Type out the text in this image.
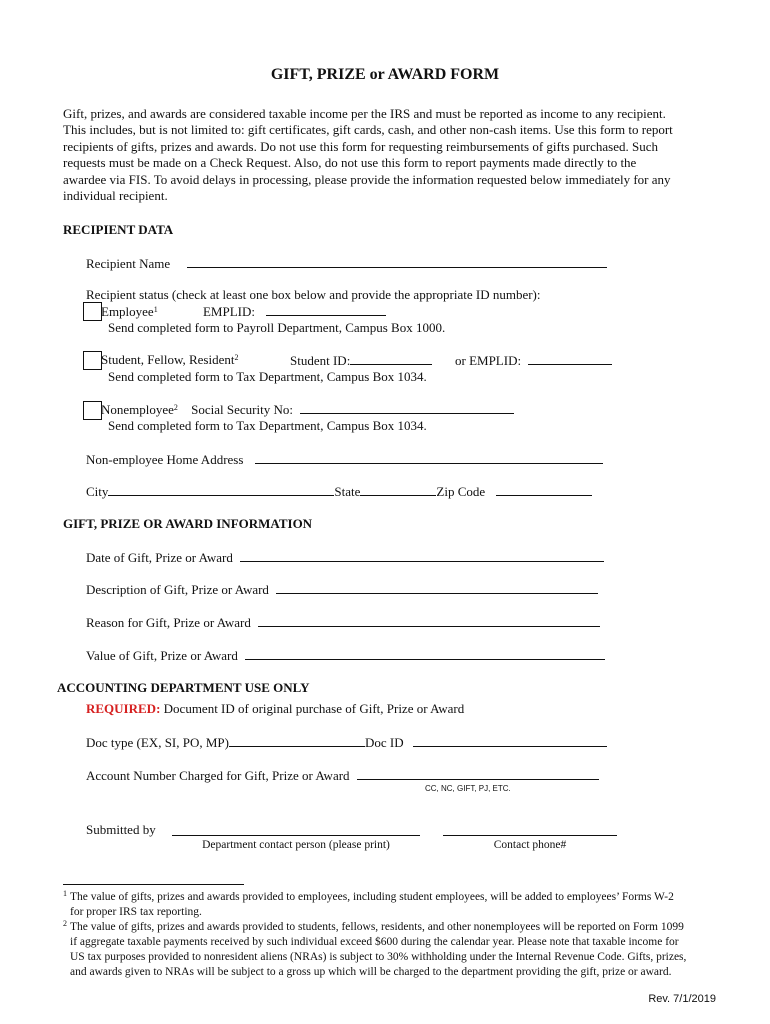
GIFT, PRIZE or AWARD FORM
Gift, prizes, and awards are considered taxable income per the IRS and must be reported as income to any recipient. This includes, but is not limited to: gift certificates, gift cards, cash, and other non-cash items. Use this form to report recipients of gifts, prizes and awards. Do not use this form for requesting reimbursements of gifts purchased. Such requests must be made on a Check Request. Also, do not use this form to report payments made directly to the awardee via FIS. To avoid delays in processing, please provide the information requested below immediately for any individual recipient.
RECIPIENT DATA
Recipient Name
Recipient status (check at least one box below and provide the appropriate ID number):
Employee$^1$	EMPLID:
Send completed form to Payroll Department, Campus Box 1000.
Student, Fellow, Resident$^2$	Student ID:	or EMPLID:
Send completed form to Tax Department, Campus Box 1034.
Nonemployee$^2$ Social Security No:
Send completed form to Tax Department, Campus Box 1034.
Non-employee Home Address
City	State	Zip Code
GIFT, PRIZE OR AWARD INFORMATION
Date of Gift, Prize or Award
Description of Gift, Prize or Award
Reason for Gift, Prize or Award
Value of Gift, Prize or Award
ACCOUNTING DEPARTMENT USE ONLY
REQUIRED: Document ID of original purchase of Gift, Prize or Award
Doc type (EX, SI, PO, MP)	Doc ID
Account Number Charged for Gift, Prize or Award
CC, NC, GIFT, PJ, ETC.
Submitted by
Department contact person (please print)	Contact phone#
$^1$ The value of gifts, prizes and awards provided to employees, including student employees, will be added to employees’ Forms W-2 for proper IRS tax reporting.
$^2$ The value of gifts, prizes and awards provided to students, fellows, residents, and other nonemployees will be reported on Form 1099 if aggregate taxable payments received by such individual exceed $600 during the calendar year. Please note that taxable income for US tax purposes provided to nonresident aliens (NRAs) is subject to 30% withholding under the Internal Revenue Code. Gifts, prizes, and awards given to NRAs will be subject to a gross up which will be charged to the department providing the gift, prize or award.
Rev. 7/1/2019
